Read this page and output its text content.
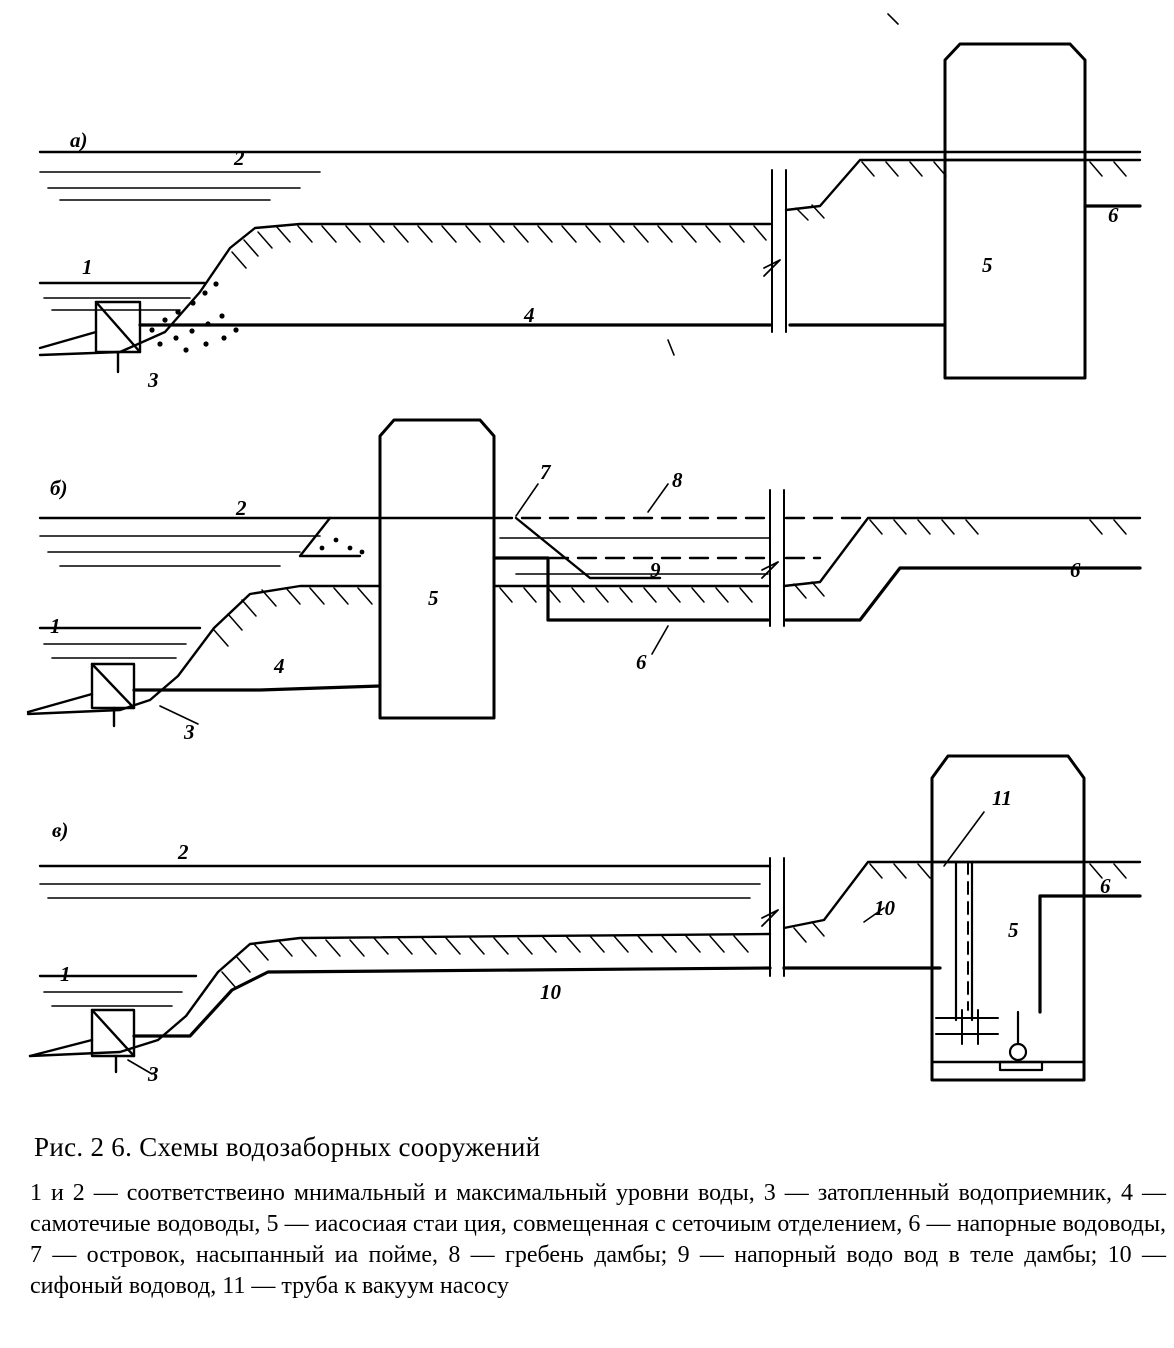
а)
б)
в)
2
1
3
4
5
6
2
1
3
4
5
6
6
7	8
9
2
1
3
5
6
10
10
11
Рис. 2 6. Схемы водозаборных сооружений
1 и 2 — соответствеино мнимальный и максимальный уровни воды, 3 — затопленный водоприемник, 4 — самотечиые водоводы, 5 — иасосиая стаи ция, совмещенная с сеточиым отделением, 6 — напорные водоводы, 7 — островок, насыпанный иа пойме, 8 — гребень дамбы; 9 — напорный водо вод в теле дамбы; 10 — сифоный водовод, 11 — труба к вакуум насосу
